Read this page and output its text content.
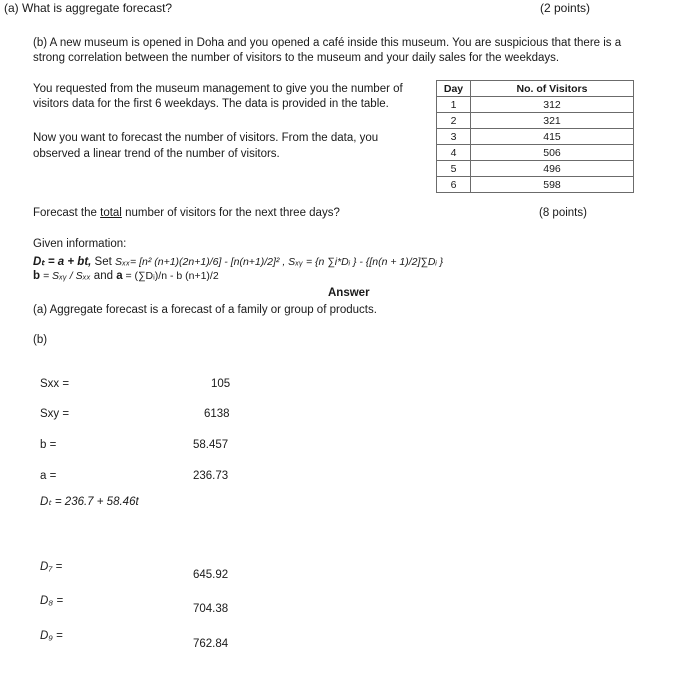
(a) What is aggregate forecast?	(2 points)
(b) A new museum is opened in Doha and you opened a café inside this museum. You are suspicious that there is a strong correlation between the number of visitors to the museum and your daily sales for the weekdays.
You requested from the museum management to give you the number of visitors data for the first 6 weekdays. The data is provided in the table.
Now you want to forecast the number of visitors. From the data, you observed a linear trend of the number of visitors.
Day	No. of Visitors
1	312
2	321
3	415
4	506
5	496
6	598
Forecast the total number of visitors for the next three days?	(8 points)
Given information:
Dₜ = a + bt, Set Sₓₓ= [n² (n+1)(2n+1)/6] - [n(n+1)/2]² , Sₓᵧ = {n ∑i*Dᵢ } - {[n(n + 1)/2]∑Dᵢ }
b = Sₓᵧ / Sₓₓ and a = (∑Dᵢ)/n - b (n+1)/2
Answer
(a) Aggregate forecast is a forecast of a family or group of products.
(b)
Sxx =	105
Sxy =	6138
b =	58.457
a =	236.73
Dₜ = 236.7 + 58.46t
D₇ =
645.92
D₈ =
704.38
D₉ =
762.84
